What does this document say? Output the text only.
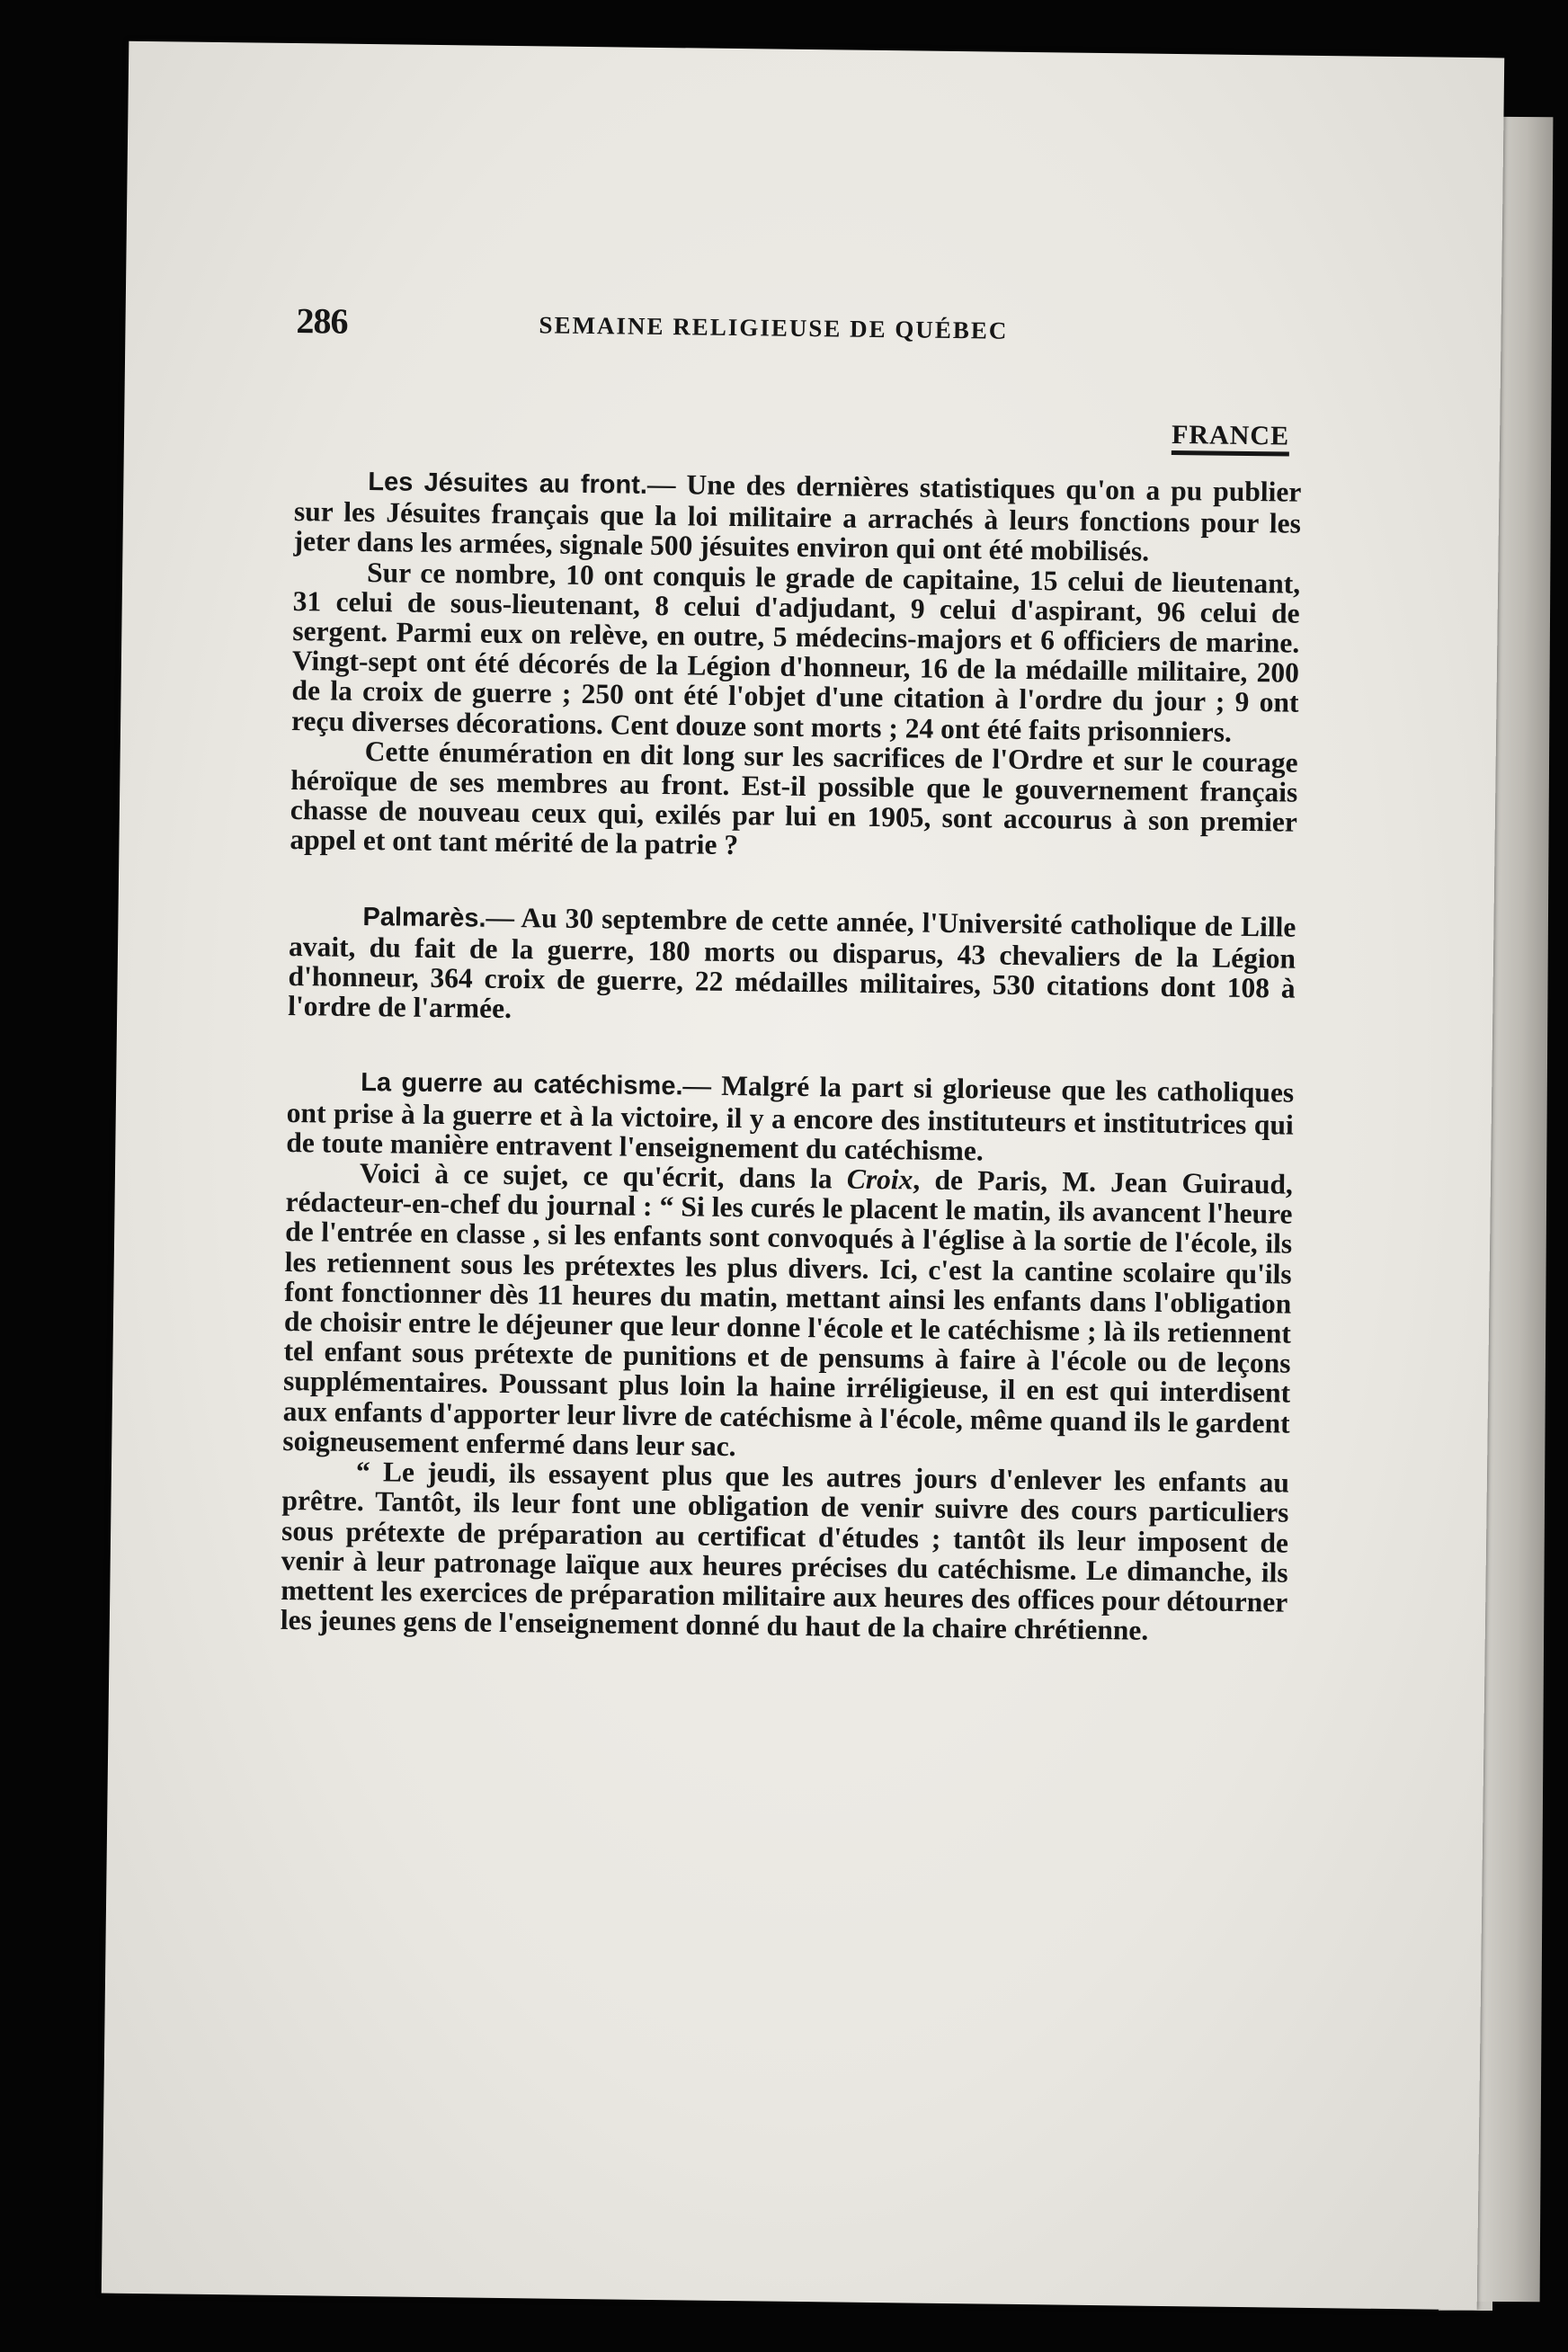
286	SEMAINE RELIGIEUSE DE QUÉBEC
FRANCE

Les Jésuites au front.— Une des dernières statistiques qu'on a pu publier sur les Jésuites français que la loi militaire a arrachés à leurs fonctions pour les jeter dans les armées, signale 500 jésuites environ qui ont été mobilisés.

Sur ce nombre, 10 ont conquis le grade de capitaine, 15 celui de lieutenant, 31 celui de sous-lieutenant, 8 celui d'adjudant, 9 celui d'aspirant, 96 celui de sergent. Parmi eux on relève, en outre, 5 médecins-majors et 6 officiers de marine. Vingt-sept ont été décorés de la Légion d'honneur, 16 de la médaille militaire, 200 de la croix de guerre ; 250 ont été l'objet d'une citation à l'ordre du jour ; 9 ont reçu diverses décorations. Cent douze sont morts ; 24 ont été faits prisonniers.

Cette énumération en dit long sur les sacrifices de l'Ordre et sur le courage héroïque de ses membres au front. Est-il possible que le gouvernement français chasse de nouveau ceux qui, exilés par lui en 1905, sont accourus à son premier appel et ont tant mérité de la patrie ?

Palmarès.— Au 30 septembre de cette année, l'Université catholique de Lille avait, du fait de la guerre, 180 morts ou disparus, 43 chevaliers de la Légion d'honneur, 364 croix de guerre, 22 médailles militaires, 530 citations dont 108 à l'ordre de l'armée.

La guerre au catéchisme.— Malgré la part si glorieuse que les catholiques ont prise à la guerre et à la victoire, il y a encore des instituteurs et institutrices qui de toute manière entravent l'enseignement du catéchisme.

Voici à ce sujet, ce qu'écrit, dans la Croix, de Paris, M. Jean Guiraud, rédacteur-en-chef du journal : “ Si les curés le placent le matin, ils avancent l'heure de l'entrée en classe , si les enfants sont convoqués à l'église à la sortie de l'école, ils les retiennent sous les prétextes les plus divers. Ici, c'est la cantine scolaire qu'ils font fonctionner dès 11 heures du matin, mettant ainsi les enfants dans l'obligation de choisir entre le déjeuner que leur donne l'école et le catéchisme ; là ils retiennent tel enfant sous prétexte de punitions et de pensums à faire à l'école ou de leçons supplémentaires. Poussant plus loin la haine irréligieuse, il en est qui interdisent aux enfants d'apporter leur livre de catéchisme à l'école, même quand ils le gardent soigneusement enfermé dans leur sac.

“ Le jeudi, ils essayent plus que les autres jours d'enlever les enfants au prêtre. Tantôt, ils leur font une obligation de venir suivre des cours particuliers sous prétexte de préparation au certificat d'études ; tantôt ils leur imposent de venir à leur patronage laïque aux heures précises du catéchisme. Le dimanche, ils mettent les exercices de préparation militaire aux heures des offices pour détourner les jeunes gens de l'enseignement donné du haut de la chaire chrétienne.
